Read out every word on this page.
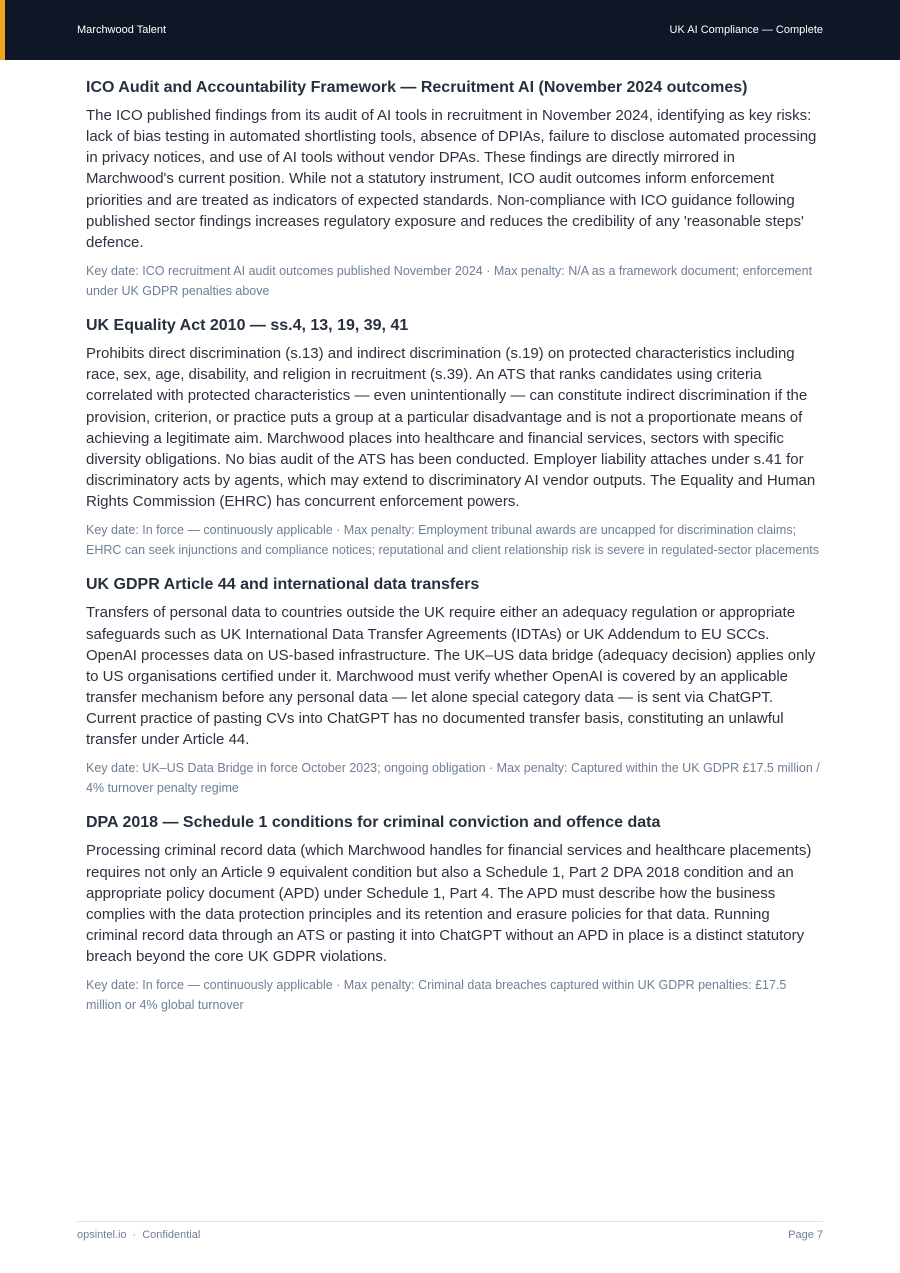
Marchwood Talent	UK AI Compliance — Complete
ICO Audit and Accountability Framework — Recruitment AI (November 2024 outcomes)

The ICO published findings from its audit of AI tools in recruitment in November 2024, identifying as key risks: lack of bias testing in automated shortlisting tools, absence of DPIAs, failure to disclose automated processing in privacy notices, and use of AI tools without vendor DPAs. These findings are directly mirrored in Marchwood's current position. While not a statutory instrument, ICO audit outcomes inform enforcement priorities and are treated as indicators of expected standards. Non-compliance with ICO guidance following published sector findings increases regulatory exposure and reduces the credibility of any 'reasonable steps' defence.

Key date: ICO recruitment AI audit outcomes published November 2024 · Max penalty: N/A as a framework document; enforcement under UK GDPR penalties above

UK Equality Act 2010 — ss.4, 13, 19, 39, 41

Prohibits direct discrimination (s.13) and indirect discrimination (s.19) on protected characteristics including race, sex, age, disability, and religion in recruitment (s.39). An ATS that ranks candidates using criteria correlated with protected characteristics — even unintentionally — can constitute indirect discrimination if the provision, criterion, or practice puts a group at a particular disadvantage and is not a proportionate means of achieving a legitimate aim. Marchwood places into healthcare and financial services, sectors with specific diversity obligations. No bias audit of the ATS has been conducted. Employer liability attaches under s.41 for discriminatory acts by agents, which may extend to discriminatory AI vendor outputs. The Equality and Human Rights Commission (EHRC) has concurrent enforcement powers.

Key date: In force — continuously applicable · Max penalty: Employment tribunal awards are uncapped for discrimination claims; EHRC can seek injunctions and compliance notices; reputational and client relationship risk is severe in regulated-sector placements

UK GDPR Article 44 and international data transfers

Transfers of personal data to countries outside the UK require either an adequacy regulation or appropriate safeguards such as UK International Data Transfer Agreements (IDTAs) or UK Addendum to EU SCCs. OpenAI processes data on US-based infrastructure. The UK–US data bridge (adequacy decision) applies only to US organisations certified under it. Marchwood must verify whether OpenAI is covered by an applicable transfer mechanism before any personal data — let alone special category data — is sent via ChatGPT. Current practice of pasting CVs into ChatGPT has no documented transfer basis, constituting an unlawful transfer under Article 44.

Key date: UK–US Data Bridge in force October 2023; ongoing obligation · Max penalty: Captured within the UK GDPR £17.5 million / 4% turnover penalty regime

DPA 2018 — Schedule 1 conditions for criminal conviction and offence data

Processing criminal record data (which Marchwood handles for financial services and healthcare placements) requires not only an Article 9 equivalent condition but also a Schedule 1, Part 2 DPA 2018 condition and an appropriate policy document (APD) under Schedule 1, Part 4. The APD must describe how the business complies with the data protection principles and its retention and erasure policies for that data. Running criminal record data through an ATS or pasting it into ChatGPT without an APD in place is a distinct statutory breach beyond the core UK GDPR violations.

Key date: In force — continuously applicable · Max penalty: Criminal data breaches captured within UK GDPR penalties: £17.5 million or 4% global turnover

opsintel.io · Confidential	Page 7
